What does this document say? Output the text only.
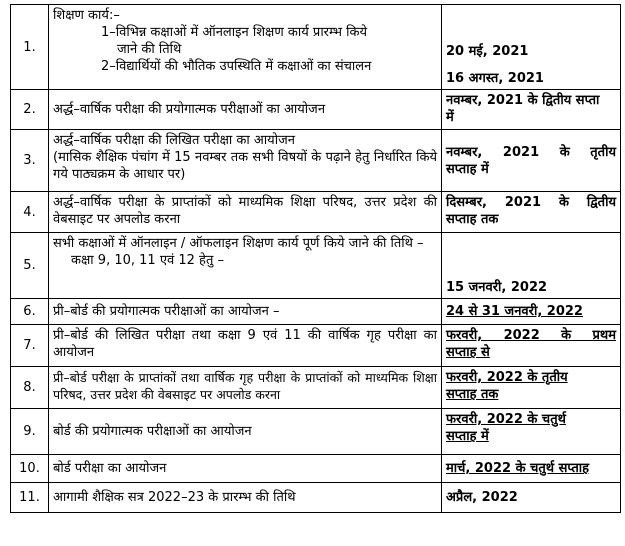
1.	शिक्षण कार्य:–
1–विभिन्न कक्षाओं में ऑनलाइन शिक्षण कार्य प्रारम्भ किये
जाने की तिथि
2–विद्यार्थियों की भौतिक उपस्थिति में कक्षाओं का संचालन	20 मई, 2021
16 अगस्त, 2021

2.	अर्द्ध–वार्षिक परीक्षा की प्रयोगात्मक परीक्षाओं का आयोजन	नवम्बर, 2021 के द्वितीय सप्ता
में

3.	अर्द्ध–वार्षिक परीक्षा की लिखित परीक्षा का आयोजन
(मासिक शैक्षिक पंचांग में 15 नवम्बर तक सभी विषयों के पढ़ाने हेतु निर्धारित किये गये पाठ्यक्रम के आधार पर)	नवम्बर, 2021 के तृतीय
सप्ताह में

4.	अर्द्ध–वार्षिक परीक्षा के प्राप्तांकों को माध्यमिक शिक्षा परिषद, उत्तर प्रदेश की वेबसाइट पर अपलोड करना	दिसम्बर, 2021 के द्वितीय
सप्ताह तक

5.	सभी कक्षाओं में ऑनलाइन / ऑफलाइन शिक्षण कार्य पूर्ण किये जाने की तिथि –
कक्षा 9, 10, 11 एवं 12 हेतु –	15 जनवरी, 2022
6.	प्री–बोर्ड की प्रयोगात्मक परीक्षाओं का आयोजन –	24 से 31 जनवरी, 2022
7.	प्री–बोर्ड की लिखित परीक्षा तथा कक्षा 9 एवं 11 की वार्षिक गृह परीक्षा का आयोजन	फरवरी, 2022 के प्रथम
सप्ताह से

8.	प्री–बोर्ड परीक्षा के प्राप्तांकों तथा वार्षिक गृह परीक्षा के प्राप्तांकों को माध्यमिक शिक्षा परिषद, उत्तर प्रदेश की वेबसाइट पर अपलोड करना	फरवरी, 2022 के तृतीय
सप्ताह तक

9.	बोर्ड की प्रयोगात्मक परीक्षाओं का आयोजन	फरवरी, 2022 के चतुर्थ
सप्ताह में

10.	बोर्ड परीक्षा का आयोजन	मार्च, 2022 के चतुर्थ सप्ताह
11.	आगामी शैक्षिक सत्र 2022–23 के प्रारम्भ की तिथि	अप्रैल, 2022
